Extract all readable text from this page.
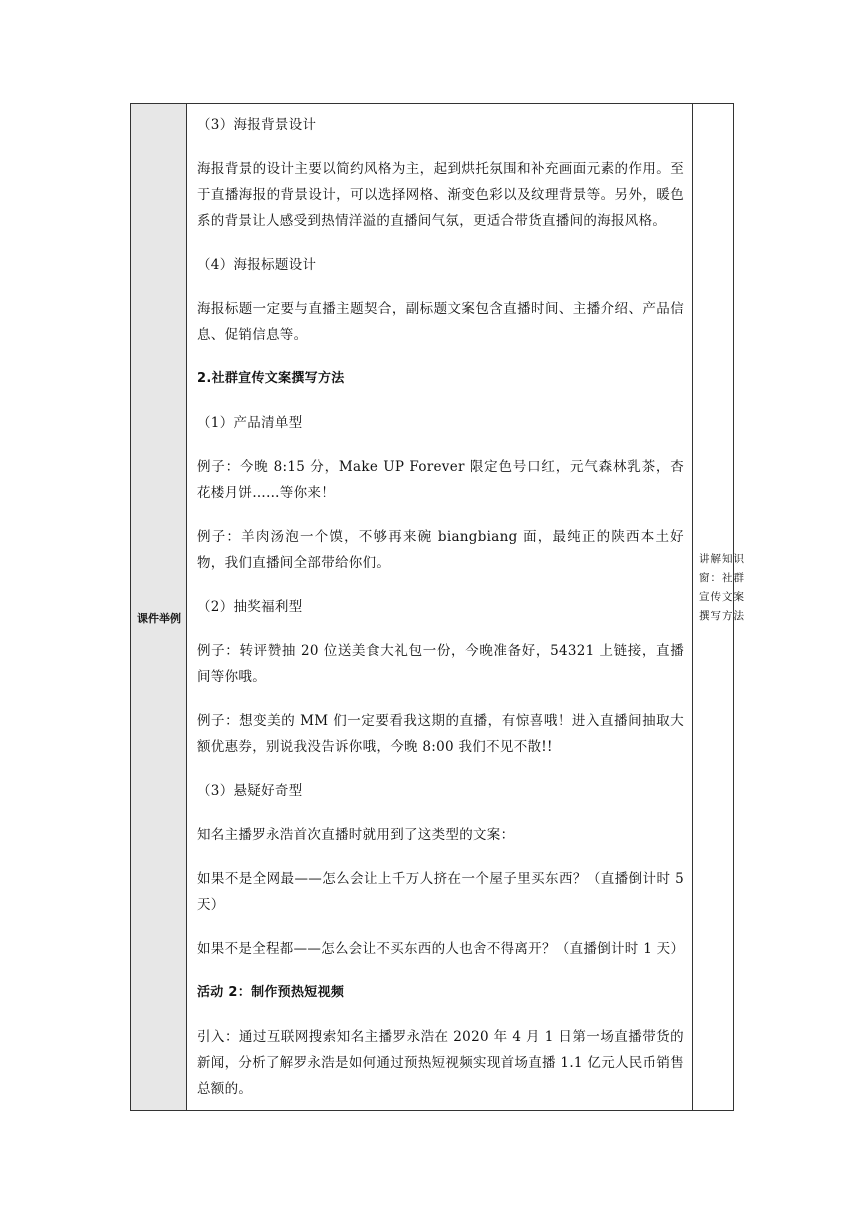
课件举例

（3）海报背景设计

海报背景的设计主要以简约风格为主，起到烘托氛围和补充画面元素的作用。至于直播海报的背景设计，可以选择网格、渐变色彩以及纹理背景等。另外，暖色系的背景让人感受到热情洋溢的直播间气氛，更适合带货直播间的海报风格。

（4）海报标题设计

海报标题一定要与直播主题契合，副标题文案包含直播时间、主播介绍、产品信息、促销信息等。

2.社群宣传文案撰写方法

（1）产品清单型

例子：今晚 8:15 分，Make UP Forever 限定色号口红，元气森林乳茶，杏花楼月饼……等你来！

例子：羊肉汤泡一个馍，不够再来碗 biangbiang 面，最纯正的陕西本土好物，我们直播间全部带给你们。

（2）抽奖福利型

例子：转评赞抽 20 位送美食大礼包一份，今晚准备好，54321 上链接，直播间等你哦。

例子：想变美的 MM 们一定要看我这期的直播，有惊喜哦！进入直播间抽取大额优惠券，别说我没告诉你哦，今晚 8:00 我们不见不散!!

（3）悬疑好奇型

知名主播罗永浩首次直播时就用到了这类型的文案：

如果不是全网最——怎么会让上千万人挤在一个屋子里买东西？（直播倒计时 5 天）

如果不是全程都——怎么会让不买东西的人也舍不得离开？（直播倒计时 1 天）

活动 2：制作预热短视频

引入：通过互联网搜索知名主播罗永浩在 2020 年 4 月 1 日第一场直播带货的新闻，分析了解罗永浩是如何通过预热短视频实现首场直播 1.1 亿元人民币销售总额的。

讲解知识窗：社群宣传文案撰写方法
